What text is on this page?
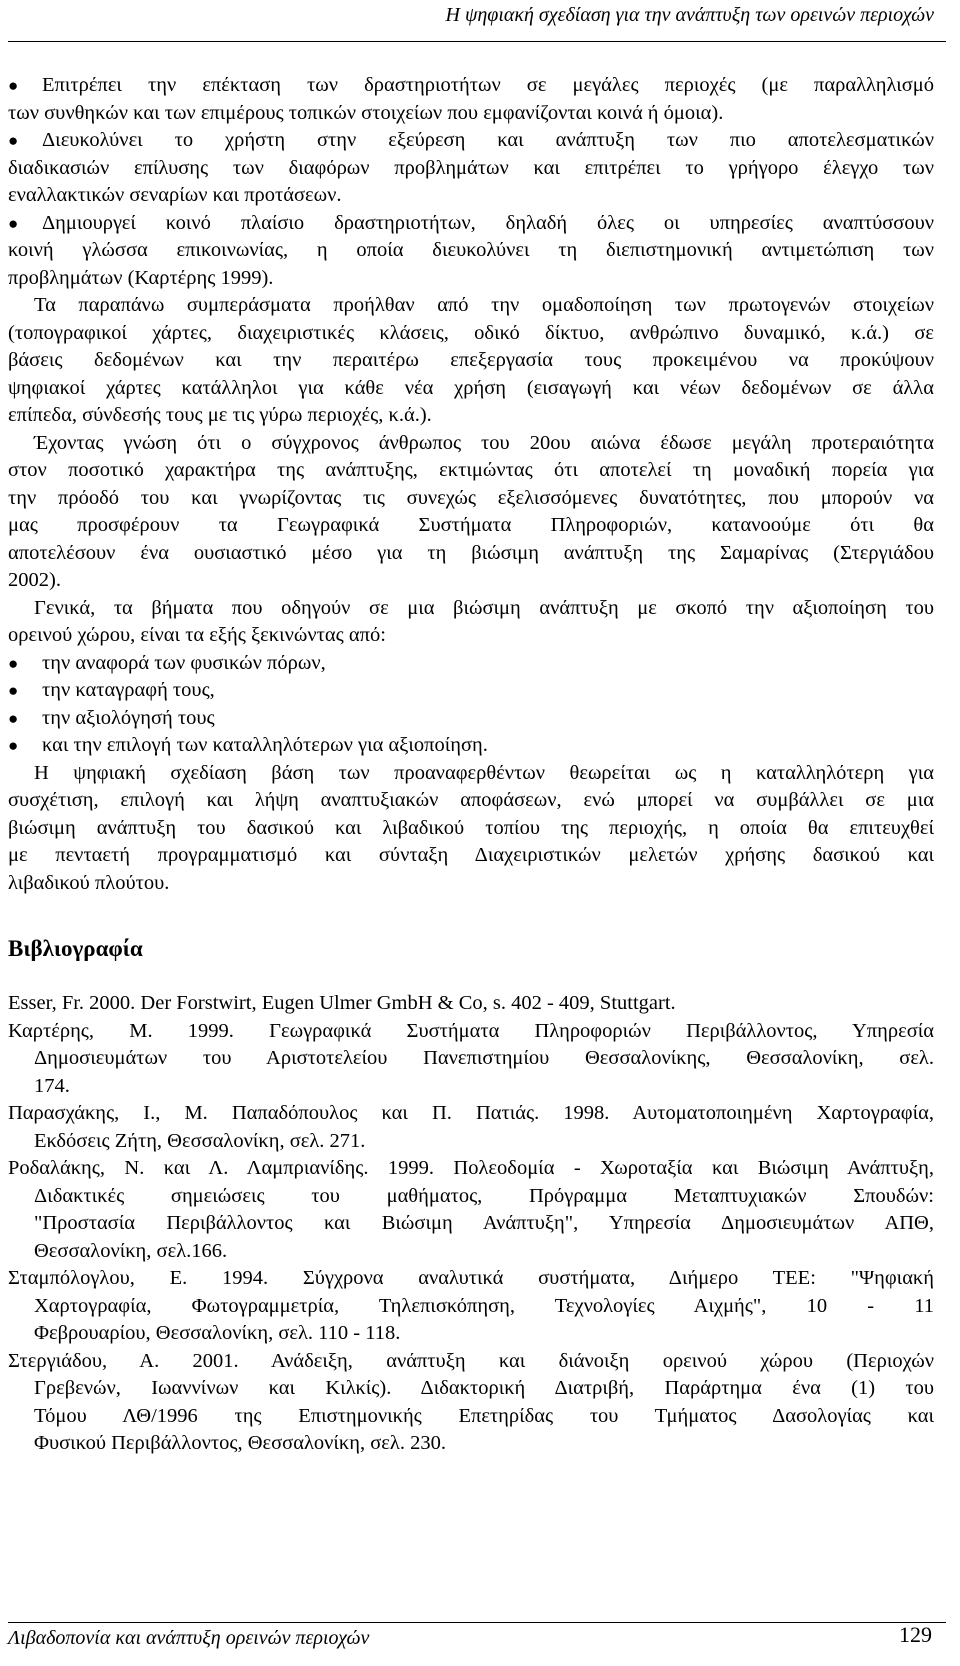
Η ψηφιακή σχεδίαση για την ανάπτυξη των ορεινών περιοχών
●	Επιτρέπει την επέκταση των δραστηριοτήτων σε μεγάλες περιοχές (με παραλληλισμό
των συνθηκών και των επιμέρους τοπικών στοιχείων που εμφανίζονται κοινά ή όμοια).
●	Διευκολύνει το χρήστη στην εξεύρεση και ανάπτυξη των πιο αποτελεσματικών
διαδικασιών επίλυσης των διαφόρων προβλημάτων και επιτρέπει το γρήγορο έλεγχο των
εναλλακτικών σεναρίων και προτάσεων.
●	Δημιουργεί κοινό πλαίσιο δραστηριοτήτων, δηλαδή όλες οι υπηρεσίες αναπτύσσουν
κοινή γλώσσα επικοινωνίας, η οποία διευκολύνει τη διεπιστημονική αντιμετώπιση των
προβλημάτων (Καρτέρης 1999).
Τα παραπάνω συμπεράσματα προήλθαν από την ομαδοποίηση των πρωτογενών στοιχείων
(τοπογραφικοί χάρτες, διαχειριστικές κλάσεις, οδικό δίκτυο, ανθρώπινο δυναμικό, κ.ά.) σε
βάσεις δεδομένων και την περαιτέρω επεξεργασία τους προκειμένου να προκύψουν
ψηφιακοί χάρτες κατάλληλοι για κάθε νέα χρήση (εισαγωγή και νέων δεδομένων σε άλλα
επίπεδα, σύνδεσής τους με τις γύρω περιοχές, κ.ά.).
Έχοντας γνώση ότι ο σύγχρονος άνθρωπος του 20ου αιώνα έδωσε μεγάλη προτεραιότητα
στον ποσοτικό χαρακτήρα της ανάπτυξης, εκτιμώντας ότι αποτελεί τη μοναδική πορεία για
την πρόοδό του και γνωρίζοντας τις συνεχώς εξελισσόμενες δυνατότητες, που μπορούν να
μας προσφέρουν τα Γεωγραφικά Συστήματα Πληροφοριών, κατανοούμε ότι θα
αποτελέσουν ένα ουσιαστικό μέσο για τη βιώσιμη ανάπτυξη της Σαμαρίνας (Στεργιάδου
2002).
Γενικά, τα βήματα που οδηγούν σε μια βιώσιμη ανάπτυξη με σκοπό την αξιοποίηση του
ορεινού χώρου, είναι τα εξής ξεκινώντας από:
●	την αναφορά των φυσικών πόρων,
●	την καταγραφή τους,
●	την αξιολόγησή τους
●	και την επιλογή των καταλληλότερων για αξιοποίηση.
Η ψηφιακή σχεδίαση βάση των προαναφερθέντων θεωρείται ως η καταλληλότερη για
συσχέτιση, επιλογή και λήψη αναπτυξιακών αποφάσεων, ενώ μπορεί να συμβάλλει σε μια
βιώσιμη ανάπτυξη του δασικού και λιβαδικού τοπίου της περιοχής, η οποία θα επιτευχθεί
με πενταετή προγραμματισμό και σύνταξη Διαχειριστικών μελετών χρήσης δασικού και
λιβαδικού πλούτου.
Βιβλιογραφία
Esser, Fr. 2000. Der Forstwirt, Eugen Ulmer GmbH & Co, s. 402 - 409, Stuttgart.
Καρτέρης, Μ. 1999. Γεωγραφικά Συστήματα Πληροφοριών Περιβάλλοντος, Υπηρεσία
Δημοσιευμάτων του Αριστοτελείου Πανεπιστημίου Θεσσαλονίκης, Θεσσαλονίκη, σελ.
174.
Παρασχάκης, Ι., Μ. Παπαδόπουλος και Π. Πατιάς. 1998. Αυτοματοποιημένη Χαρτογραφία,
Εκδόσεις Ζήτη, Θεσσαλονίκη, σελ. 271.
Ροδαλάκης, Ν. και Λ. Λαμπριανίδης. 1999. Πολεοδομία - Χωροταξία και Βιώσιμη Ανάπτυξη,
Διδακτικές σημειώσεις του μαθήματος, Πρόγραμμα Μεταπτυχιακών Σπουδών:
"Προστασία Περιβάλλοντος και Βιώσιμη Ανάπτυξη", Υπηρεσία Δημοσιευμάτων ΑΠΘ,
Θεσσαλονίκη, σελ.166.
Σταμπόλογλου, Ε. 1994. Σύγχρονα αναλυτικά συστήματα, Διήμερο ΤΕΕ: "Ψηφιακή
Χαρτογραφία, Φωτογραμμετρία, Τηλεπισκόπηση, Τεχνολογίες Αιχμής", 10 - 11
Φεβρουαρίου, Θεσσαλονίκη, σελ. 110 - 118.
Στεργιάδου, Α. 2001. Ανάδειξη, ανάπτυξη και διάνοιξη ορεινού χώρου (Περιοχών
Γρεβενών, Ιωαννίνων και Κιλκίς). Διδακτορική Διατριβή, Παράρτημα ένα (1) του
Τόμου ΛΘ/1996 της Επιστημονικής Επετηρίδας του Τμήματος Δασολογίας και
Φυσικού Περιβάλλοντος, Θεσσαλονίκη, σελ. 230.
Λιβαδοπονία και ανάπτυξη ορεινών περιοχών	129
